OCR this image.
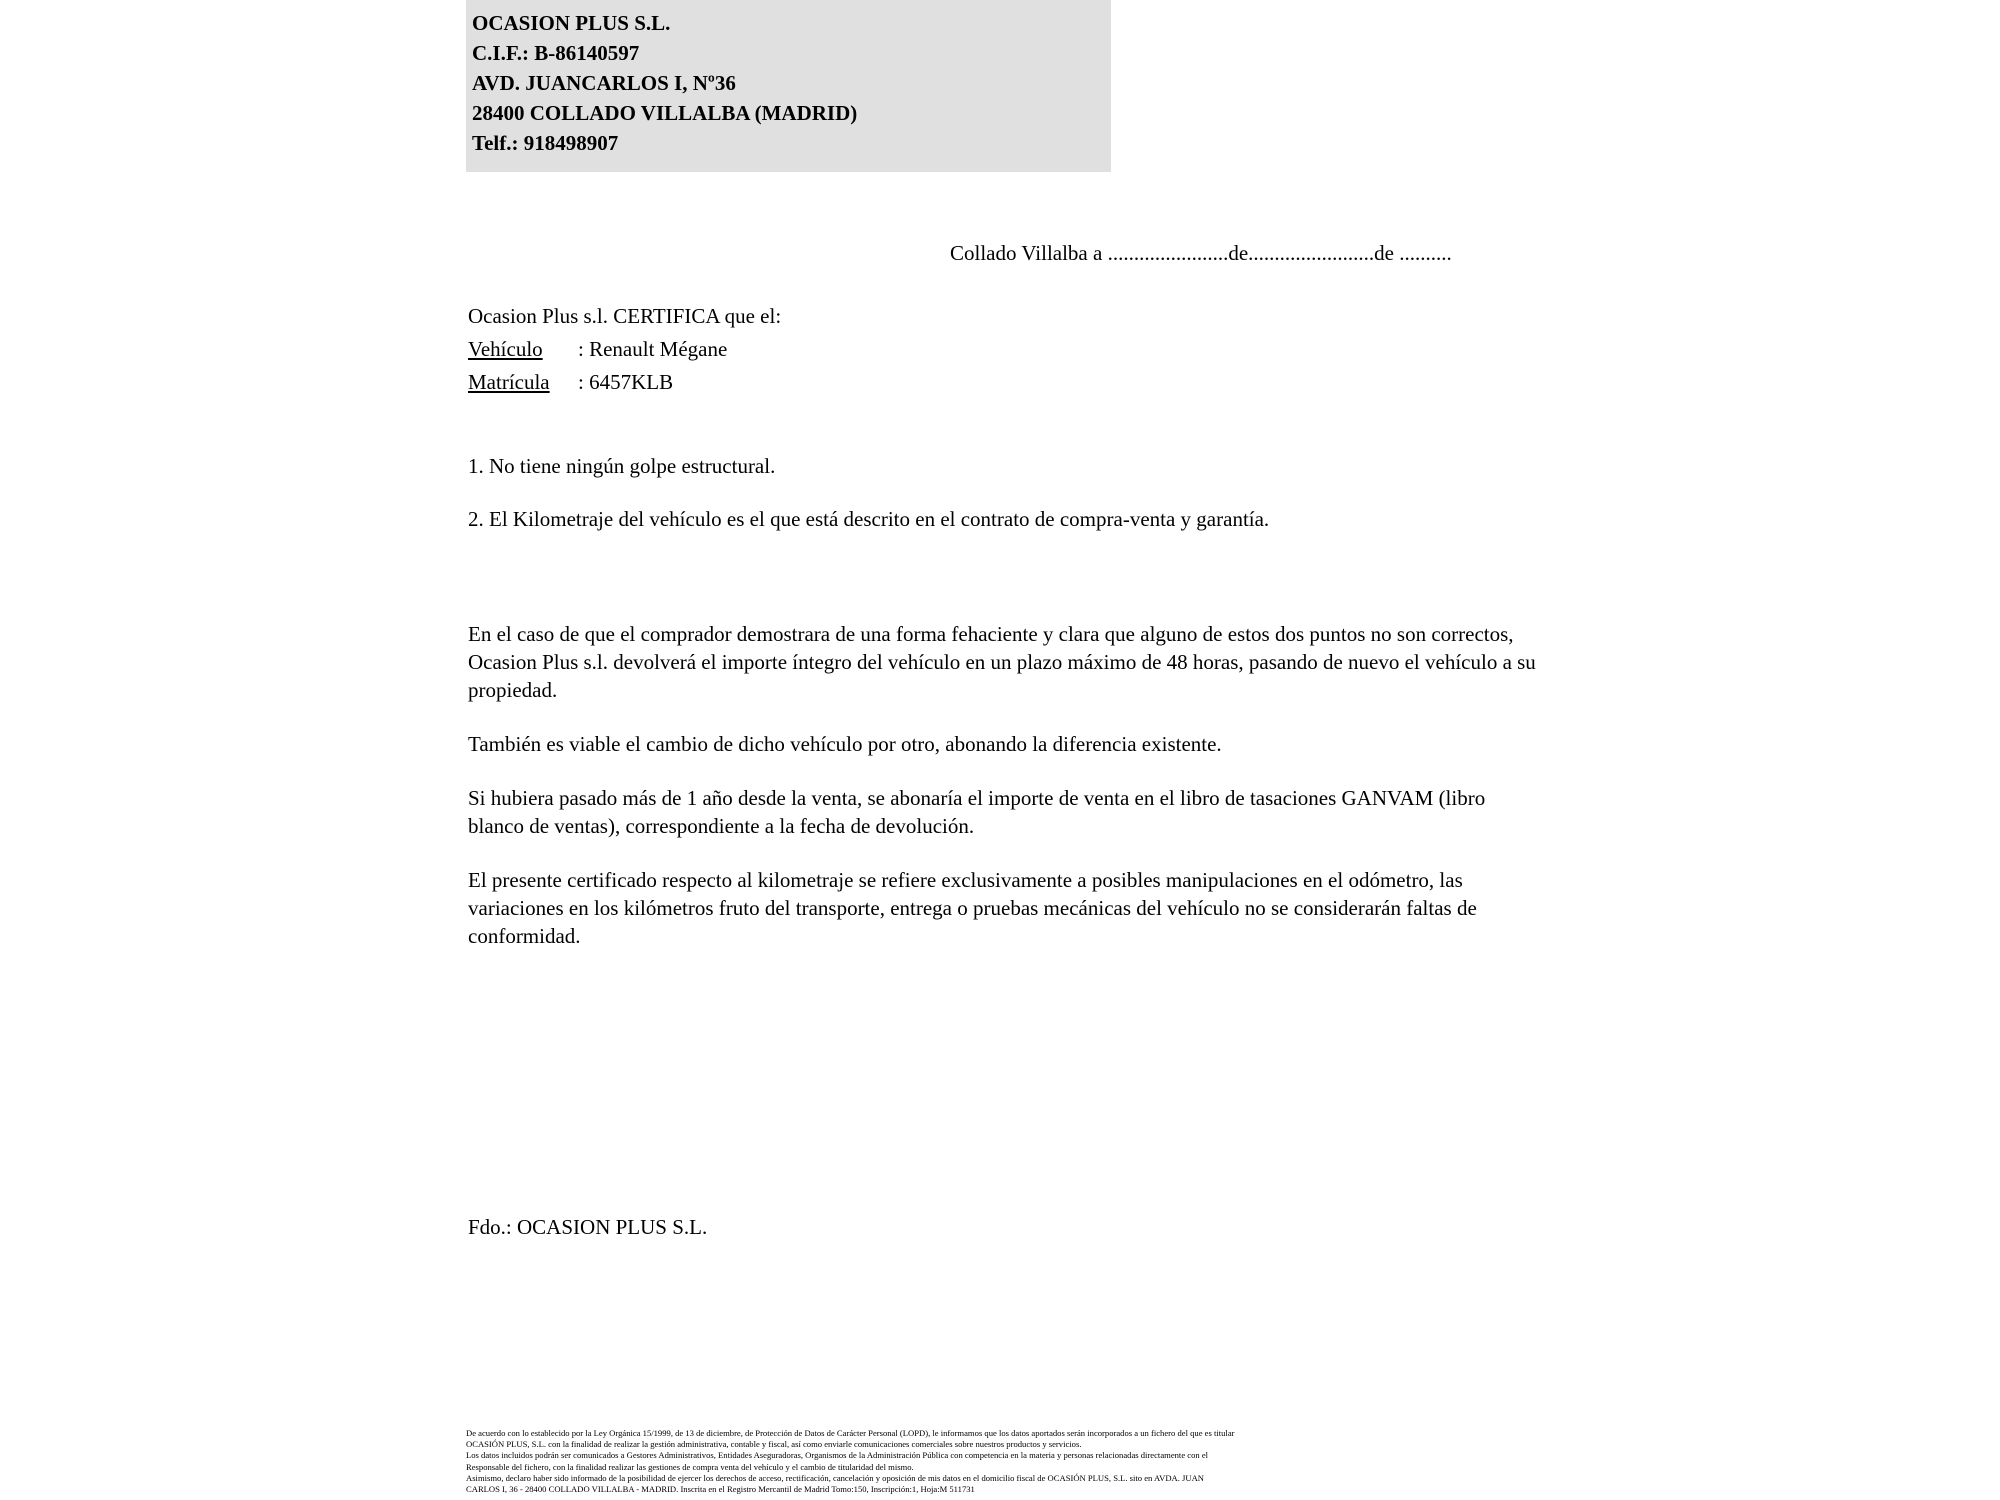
OCASION PLUS S.L.
C.I.F.: B-86140597
AVD. JUANCARLOS I, Nº36
28400 COLLADO VILLALBA (MADRID)
Telf.: 918498907
Collado Villalba a .......................de........................de ..........
Ocasion Plus s.l. CERTIFICA que el:
Vehículo : Renault Mégane
Matrícula : 6457KLB
1. No tiene ningún golpe estructural.
2. El Kilometraje del vehículo es el que está descrito en el contrato de compra-venta y garantía.

En el caso de que el comprador demostrara de una forma fehaciente y clara que alguno de estos dos puntos no son correctos, Ocasion Plus s.l. devolverá el importe íntegro del vehículo en un plazo máximo de 48 horas, pasando de nuevo el vehículo a su propiedad.

También es viable el cambio de dicho vehículo por otro, abonando la diferencia existente.

Si hubiera pasado más de 1 año desde la venta, se abonaría el importe de venta en el libro de tasaciones GANVAM (libro blanco de ventas), correspondiente a la fecha de devolución.

El presente certificado respecto al kilometraje se refiere exclusivamente a posibles manipulaciones en el odómetro, las variaciones en los kilómetros fruto del transporte, entrega o pruebas mecánicas del vehículo no se considerarán faltas de conformidad.

Fdo.: OCASION PLUS S.L.
De acuerdo con lo establecido por la Ley Orgánica 15/1999, de 13 de diciembre, de Protección de Datos de Carácter Personal (LOPD), le informamos que los datos aportados serán incorporados a un fichero del que es titular
OCASIÓN PLUS, S.L. con la finalidad de realizar la gestión administrativa, contable y fiscal, así como enviarle comunicaciones comerciales sobre nuestros productos y servicios.
Los datos incluidos podrán ser comunicados a Gestores Administrativos, Entidades Aseguradoras, Organismos de la Administración Pública con competencia en la materia y personas relacionadas directamente con el
Responsable del fichero, con la finalidad realizar las gestiones de compra venta del vehículo y el cambio de titularidad del mismo.
Asimismo, declaro haber sido informado de la posibilidad de ejercer los derechos de acceso, rectificación, cancelación y oposición de mis datos en el domicilio fiscal de OCASIÓN PLUS, S.L. sito en AVDA. JUAN
CARLOS I, 36 - 28400 COLLADO VILLALBA - MADRID. Inscrita en el Registro Mercantil de Madrid Tomo:150, Inscripción:1, Hoja:M 511731
